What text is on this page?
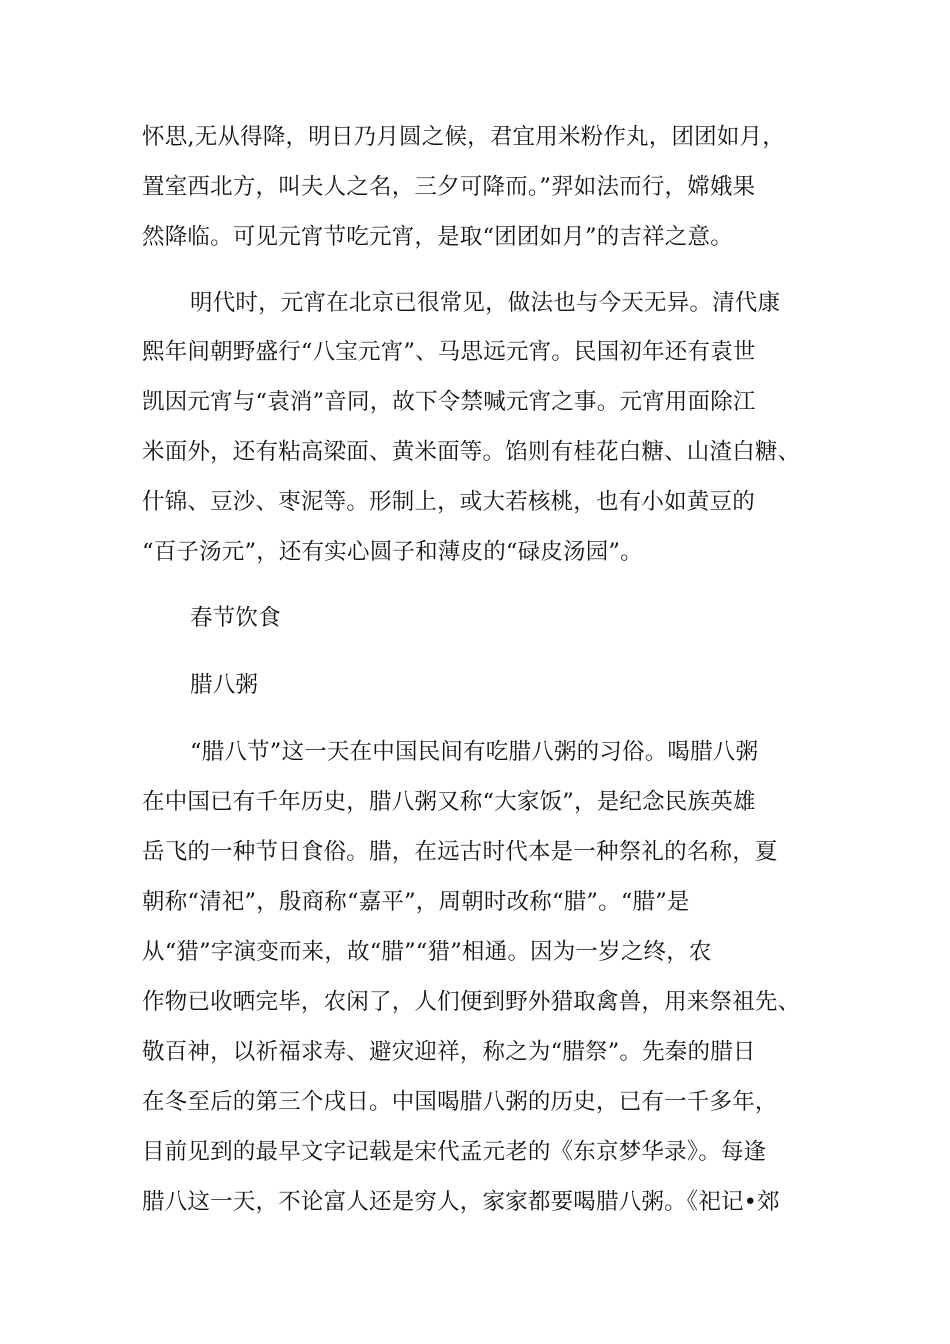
怀思,无从得降，明日乃月圆之候，君宜用米粉作丸，团团如月，
置室西北方，叫夫人之名，三夕可降而。”羿如法而行，嫦娥果
然降临。可见元宵节吃元宵，是取“团团如月”的吉祥之意。
明代时，元宵在北京已很常见，做法也与今天无异。清代康
熙年间朝野盛行“八宝元宵”、马思远元宵。民国初年还有袁世
凯因元宵与“袁消”音同，故下令禁喊元宵之事。元宵用面除江
米面外，还有粘高梁面、黄米面等。馅则有桂花白糖、山渣白糖、
什锦、豆沙、枣泥等。形制上，或大若核桃，也有小如黄豆的
“百子汤元”，还有实心圆子和薄皮的“碌皮汤园”。
春节饮食
腊八粥
“腊八节”这一天在中国民间有吃腊八粥的习俗。喝腊八粥
在中国已有千年历史，腊八粥又称“大家饭”，是纪念民族英雄
岳飞的一种节日食俗。腊，在远古时代本是一种祭礼的名称，夏
朝称“清祀”，殷商称“嘉平”，周朝时改称“腊”。“腊”是
从“猎”字演变而来，故“腊”“猎”相通。因为一岁之终，农
作物已收晒完毕，农闲了，人们便到野外猎取禽兽，用来祭祖先、
敬百神，以祈福求寿、避灾迎祥，称之为“腊祭”。先秦的腊日
在冬至后的第三个戌日。中国喝腊八粥的历史，已有一千多年，
目前见到的最早文字记载是宋代孟元老的《东京梦华录》。每逢
腊八这一天，不论富人还是穷人，家家都要喝腊八粥。《祀记•郊
